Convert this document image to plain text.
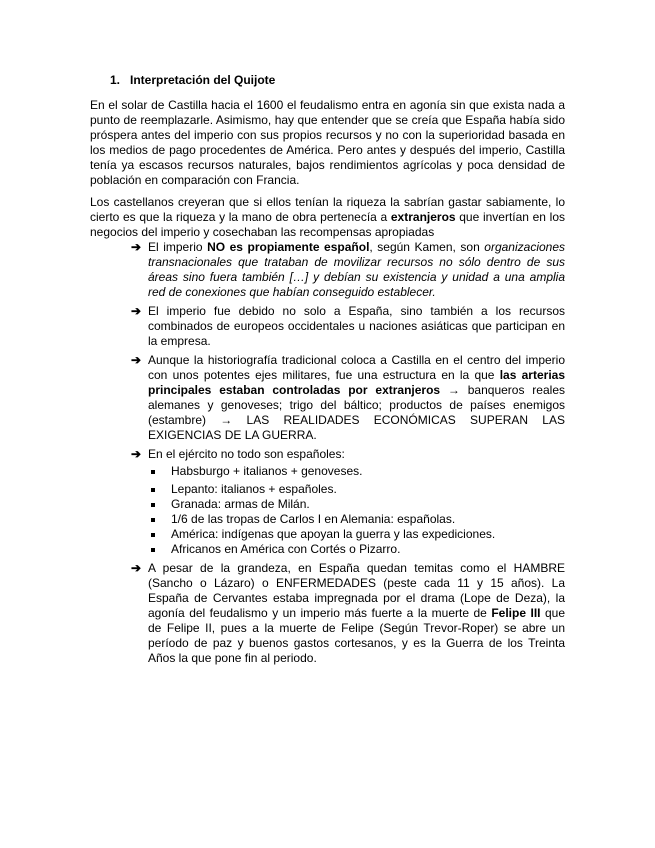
1. Interpretación del Quijote
En el solar de Castilla hacia el 1600 el feudalismo entra en agonía sin que exista nada a punto de reemplazarle. Asimismo, hay que entender que se creía que España había sido próspera antes del imperio con sus propios recursos y no con la superioridad basada en los medios de pago procedentes de América. Pero antes y después del imperio, Castilla tenía ya escasos recursos naturales, bajos rendimientos agrícolas y poca densidad de población en comparación con Francia.
Los castellanos creyeran que si ellos tenían la riqueza la sabrían gastar sabiamente, lo cierto es que la riqueza y la mano de obra pertenecía a extranjeros que invertían en los negocios del imperio y cosechaban las recompensas apropiadas
➔ El imperio NO es propiamente español, según Kamen, son organizaciones transnacionales que trataban de movilizar recursos no sólo dentro de sus áreas sino fuera también […] y debían su existencia y unidad a una amplia red de conexiones que habían conseguido establecer.
➔ El imperio fue debido no solo a España, sino también a los recursos combinados de europeos occidentales u naciones asiáticas que participan en la empresa.
➔ Aunque la historiografía tradicional coloca a Castilla en el centro del imperio con unos potentes ejes militares, fue una estructura en la que las arterias principales estaban controladas por extranjeros → banqueros reales alemanes y genoveses; trigo del báltico; productos de países enemigos (estambre) → LAS REALIDADES ECONÓMICAS SUPERAN LAS EXIGENCIAS DE LA GUERRA.
➔ En el ejército no todo son españoles:
Habsburgo + italianos + genoveses.
Lepanto: italianos + españoles.
Granada: armas de Milán.
1/6 de las tropas de Carlos I en Alemania: españolas.
América: indígenas que apoyan la guerra y las expediciones.
Africanos en América con Cortés o Pizarro.
➔ A pesar de la grandeza, en España quedan temitas como el HAMBRE (Sancho o Lázaro) o ENFERMEDADES (peste cada 11 y 15 años). La España de Cervantes estaba impregnada por el drama (Lope de Deza), la agonía del feudalismo y un imperio más fuerte a la muerte de Felipe III que de Felipe II, pues a la muerte de Felipe (Según Trevor-Roper) se abre un período de paz y buenos gastos cortesanos, y es la Guerra de los Treinta Años la que pone fin al periodo.
